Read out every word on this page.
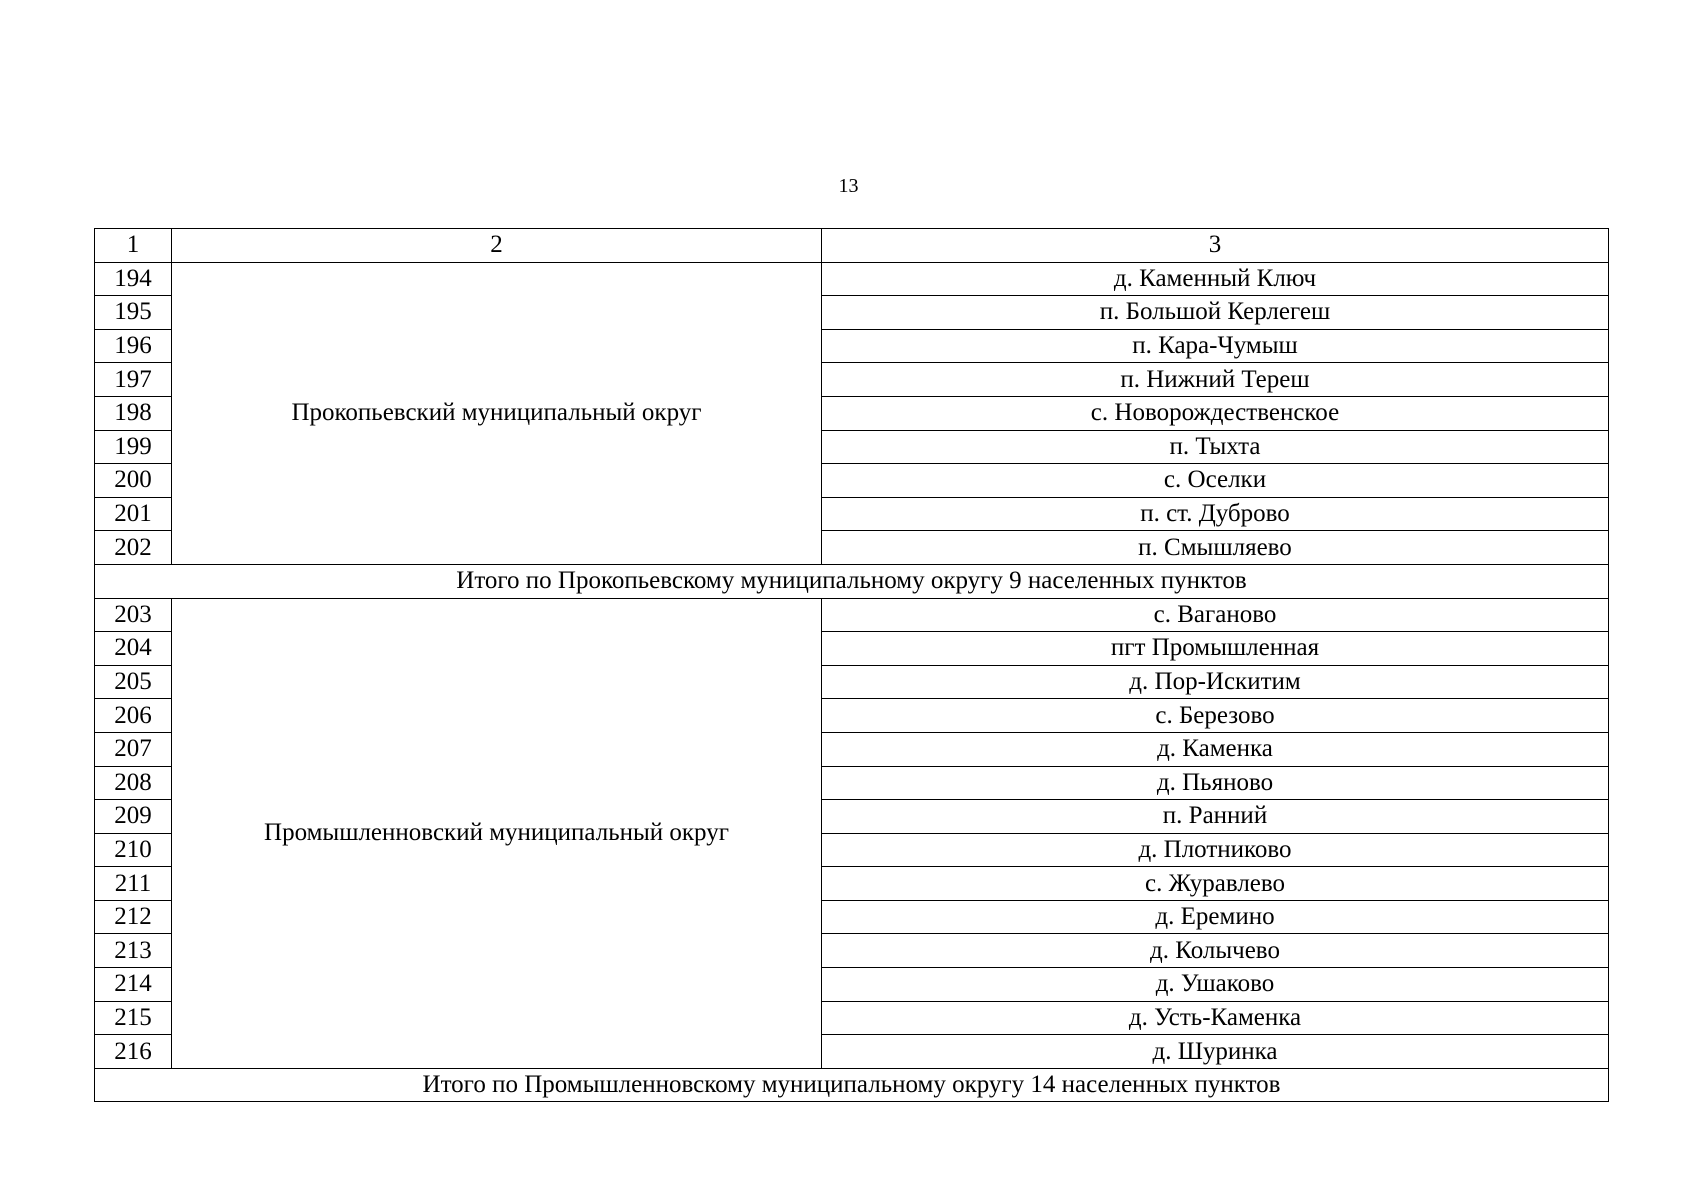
13
1	2	3
194	Прокопьевский муниципальный округ	д. Каменный Ключ
195		п. Большой Керлегеш
196		п. Кара-Чумыш
197		п. Нижний Тереш
198		с. Новорождественское
199		п. Тыхта
200		с. Оселки
201		п. ст. Дуброво
202		п. Смышляево
Итого по Прокопьевскому муниципальному округу 9 населенных пунктов		
203	Промышленновский муниципальный округ	с. Ваганово
204		пгт Промышленная
205		д. Пор-Искитим
206		с. Березово
207		д. Каменка
208		д. Пьяново
209		п. Ранний
210		д. Плотниково
211		с. Журавлево
212		д. Еремино
213		д. Колычево
214		д. Ушаково
215		д. Усть-Каменка
216		д. Шуринка
Итого по Промышленновскому муниципальному округу 14 населенных пунктов		
